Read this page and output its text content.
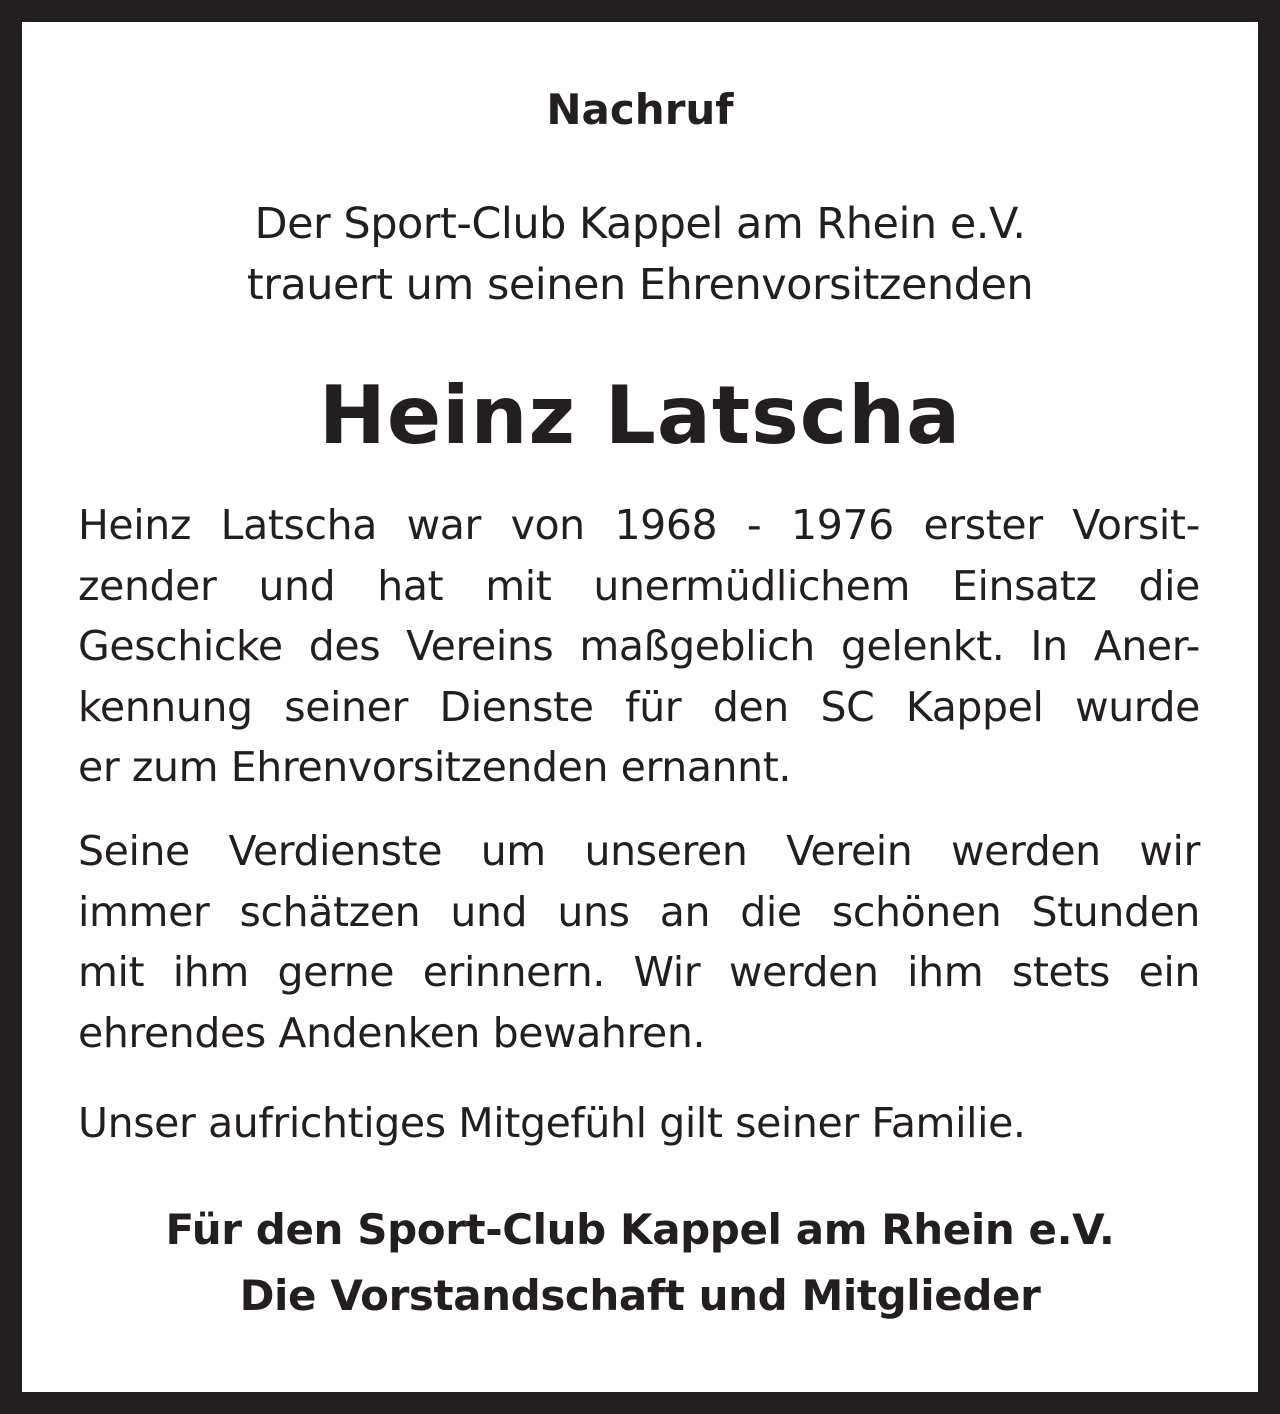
Nachruf
Der Sport-Club Kappel am Rhein e.V.
trauert um seinen Ehrenvorsitzenden
Heinz Latscha

Heinz Latscha war von 1968 - 1976 erster Vorsit-
zender und hat mit unermüdlichem Einsatz die
Geschicke des Vereins maßgeblich gelenkt. In Aner-
kennung seiner Dienste für den SC Kappel wurde
er zum Ehrenvorsitzenden ernannt.

Seine Verdienste um unseren Verein werden wir
immer schätzen und uns an die schönen Stunden
mit ihm gerne erinnern. Wir werden ihm stets ein
ehrendes Andenken bewahren.

Unser aufrichtiges Mitgefühl gilt seiner Familie.

Für den Sport-Club Kappel am Rhein e.V.
Die Vorstandschaft und Mitglieder
